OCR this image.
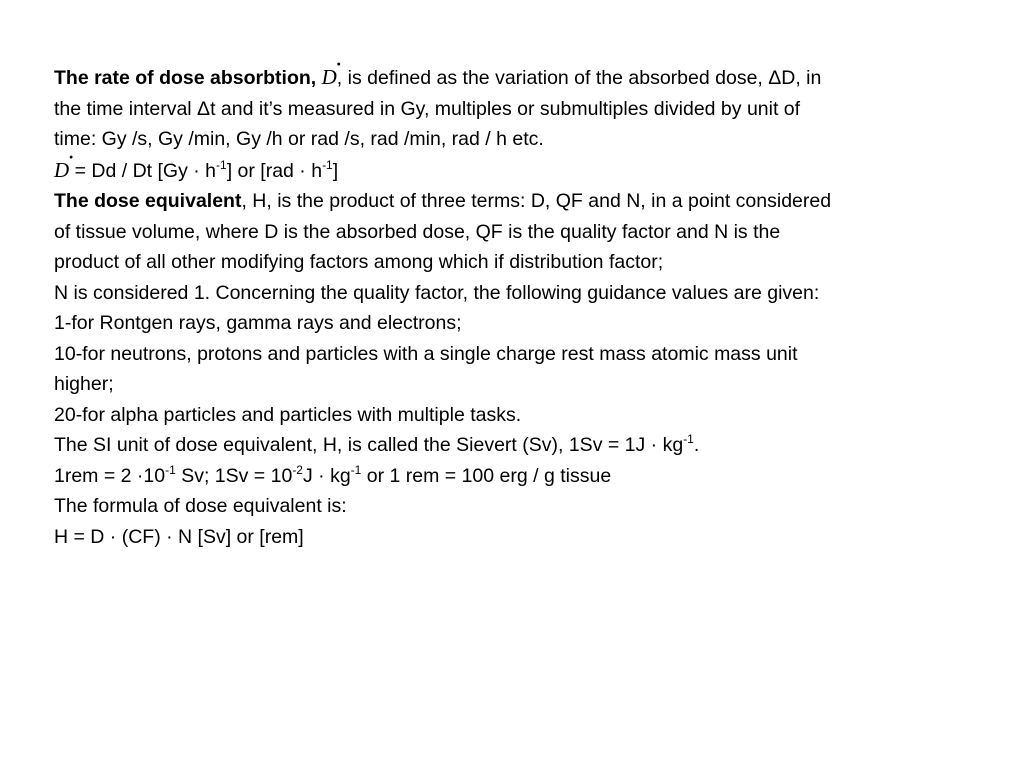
The rate of dose absorbtion, D ·, is defined as the variation of the absorbed dose, ΔD, in
the time interval Δt and it’s measured in Gy, multiples or submultiples divided by unit of
time: Gy /s, Gy /min, Gy /h or rad /s, rad /min, rad / h etc.
D · = Dd / Dt $[Gy \cdot h^{-1}]$ or $[rad \cdot h^{-1}]$
The dose equivalent, H, is the product of three terms: D, QF and N, in a point considered
of tissue volume, where D is the absorbed dose, QF is the quality factor and N is the
product of all other modifying factors among which if distribution factor;
N is considered 1. Concerning the quality factor, the following guidance values are given:
1-for Rontgen rays, gamma rays and electrons;
10-for neutrons, protons and particles with a single charge rest mass atomic mass unit
higher;
20-for alpha particles and particles with multiple tasks.
The SI unit of dose equivalent, H, is called the Sievert (Sv), $1Sv = 1J \cdot kg^{-1}$.
$1rem = 2 \cdot 10^{-1}$ Sv; $1Sv = 10^{-2}J \cdot kg^{-1}$ or 1 rem = 100 erg / g tissue
The formula of dose equivalent is:
H = D · (CF) · N [Sv] or [rem]
